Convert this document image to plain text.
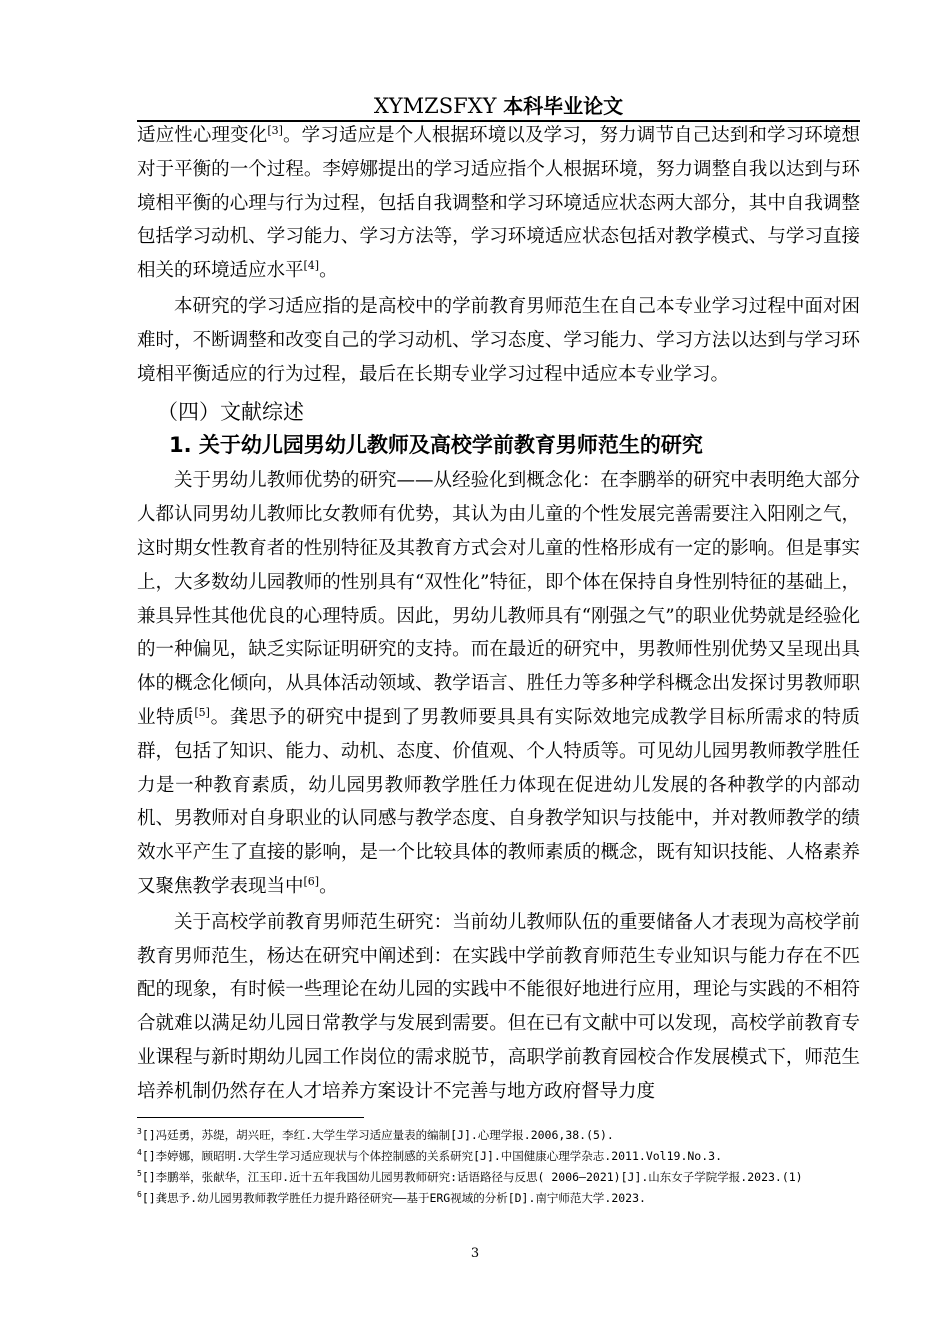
XYMZSFXY 本科毕业论文

适应性心理变化[3]。学习适应是个人根据环境以及学习，努力调节自己达到和学习环境想对于平衡的一个过程。李婷娜提出的学习适应指个人根据环境，努力调整自我以达到与环境相平衡的心理与行为过程，包括自我调整和学习环境适应状态两大部分，其中自我调整包括学习动机、学习能力、学习方法等，学习环境适应状态包括对教学模式、与学习直接相关的环境适应水平[4]。

本研究的学习适应指的是高校中的学前教育男师范生在自己本专业学习过程中面对困难时，不断调整和改变自己的学习动机、学习态度、学习能力、学习方法以达到与学习环境相平衡适应的行为过程，最后在长期专业学习过程中适应本专业学习。

（四）文献综述
1. 关于幼儿园男幼儿教师及高校学前教育男师范生的研究

关于男幼儿教师优势的研究——从经验化到概念化：在李鹏举的研究中表明绝大部分人都认同男幼儿教师比女教师有优势，其认为由儿童的个性发展完善需要注入阳刚之气，这时期女性教育者的性别特征及其教育方式会对儿童的性格形成有一定的影响。但是事实上，大多数幼儿园教师的性别具有“双性化”特征，即个体在保持自身性别特征的基础上，兼具异性其他优良的心理特质。因此，男幼儿教师具有“刚强之气”的职业优势就是经验化的一种偏见，缺乏实际证明研究的支持。而在最近的研究中，男教师性别优势又呈现出具体的概念化倾向，从具体活动领域、教学语言、胜任力等多种学科概念出发探讨男教师职业特质[5]。龚思予的研究中提到了男教师要具具有实际效地完成教学目标所需求的特质群，包括了知识、能力、动机、态度、价值观、个人特质等。可见幼儿园男教师教学胜任力是一种教育素质，幼儿园男教师教学胜任力体现在促进幼儿发展的各种教学的内部动机、男教师对自身职业的认同感与教学态度、自身教学知识与技能中，并对教师教学的绩效水平产生了直接的影响，是一个比较具体的教师素质的概念，既有知识技能、人格素养又聚焦教学表现当中[6]。

关于高校学前教育男师范生研究：当前幼儿教师队伍的重要储备人才表现为高校学前教育男师范生，杨达在研究中阐述到：在实践中学前教育师范生专业知识与能力存在不匹配的现象，有时候一些理论在幼儿园的实践中不能很好地进行应用，理论与实践的不相符合就难以满足幼儿园日常教学与发展到需要。但在已有文献中可以发现，高校学前教育专业课程与新时期幼儿园工作岗位的需求脱节，高职学前教育园校合作发展模式下，师范生培养机制仍然存在人才培养方案设计不完善与地方政府督导力度

$^3$[]冯廷勇，苏缇，胡兴旺，李红.大学生学习适应量表的编制[J].心理学报.2006,38.(5).
$^4$[]李婷娜，顾昭明.大学生学习适应现状与个体控制感的关系研究[J].中国健康心理学杂志.2011.Vol19.No.3.
$^5$[]李鹏举，张献华，江玉印.近十五年我国幼儿园男教师研究:话语路径与反思( 2006—2021)[J].山东女子学院学报.2023.(1)
$^6$[]龚思予.幼儿园男教师教学胜任力提升路径研究——基于ERG视域的分析[D].南宁师范大学.2023.
3
